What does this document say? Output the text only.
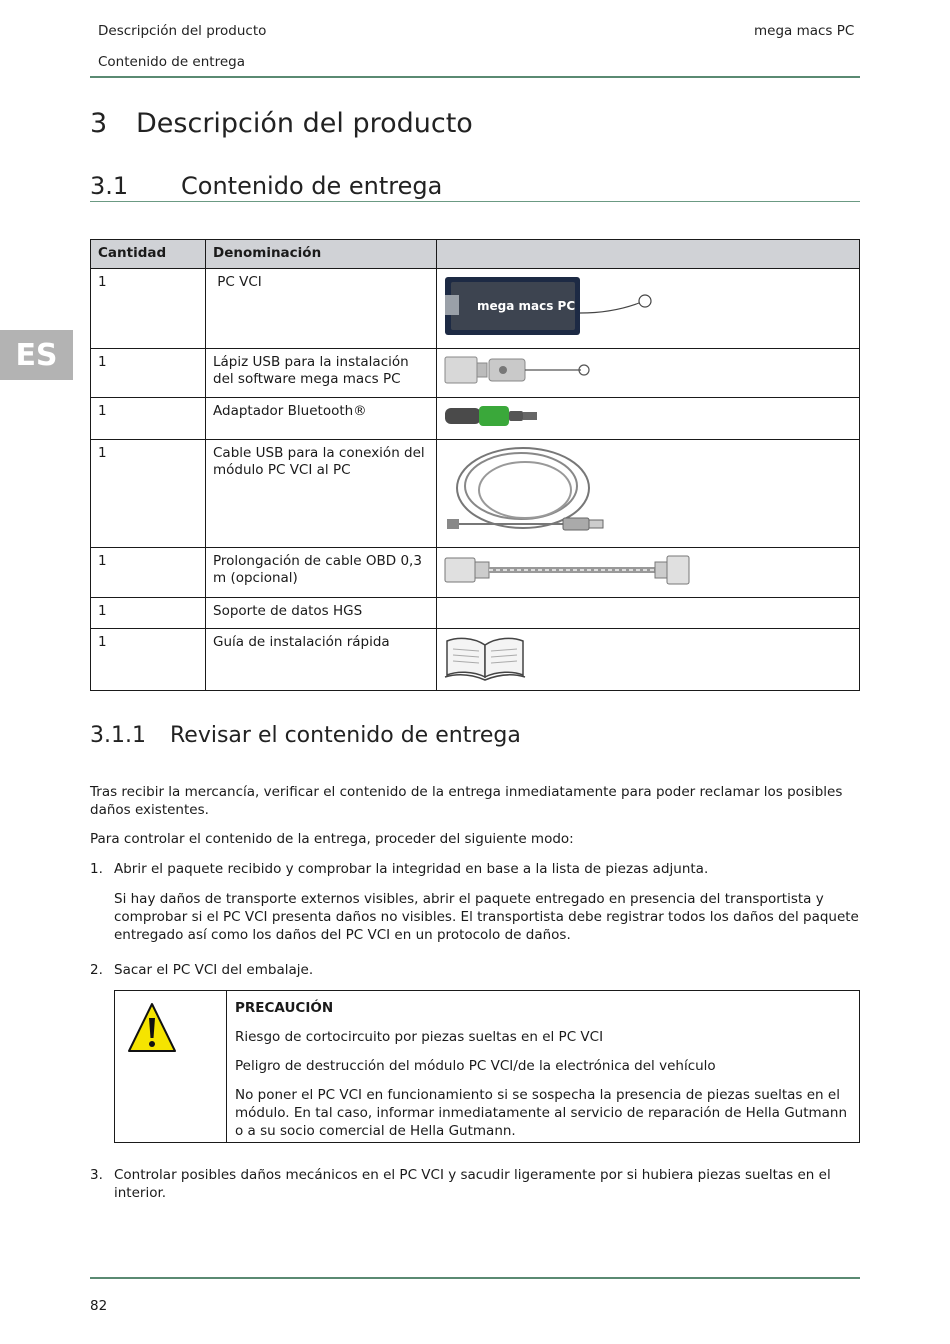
Descripción del producto
Contenido de entrega
mega macs PC
ES
3 Descripción del producto
3.1 Contenido de entrega
Cantidad	Denominación	
1	PC VCI	mega macs PC

1	Lápiz USB para la instalación del software mega macs PC	
1	Adaptador Bluetooth®	
1	Cable USB para la conexión del módulo PC VCI al PC	
1	Prolongación de cable OBD 0,3 m (opcional)	
1	Soporte de datos HGS	
1	Guía de instalación rápida	
3.1.1 Revisar el contenido de entrega
Tras recibir la mercancía, verificar el contenido de la entrega inmediatamente para poder reclamar los posibles daños existentes.
Para controlar el contenido de la entrega, proceder del siguiente modo:
1. Abrir el paquete recibido y comprobar la integridad en base a la lista de piezas adjunta.
Si hay daños de transporte externos visibles, abrir el paquete entregado en presencia del transportista y comprobar si el PC VCI presenta daños no visibles. El transportista debe registrar todos los daños del paquete entregado así como los daños del PC VCI en un protocolo de daños.
2. Sacar el PC VCI del embalaje.
PRECAUCIÓN
Riesgo de cortocircuito por piezas sueltas en el PC VCI
Peligro de destrucción del módulo PC VCI/de la electrónica del vehículo
No poner el PC VCI en funcionamiento si se sospecha la presencia de piezas sueltas en el módulo. En tal caso, informar inmediatamente al servicio de reparación de Hella Gutmann o a su socio comercial de Hella Gutmann.
3. Controlar posibles daños mecánicos en el PC VCI y sacudir ligeramente por si hubiera piezas sueltas en el interior.
82
